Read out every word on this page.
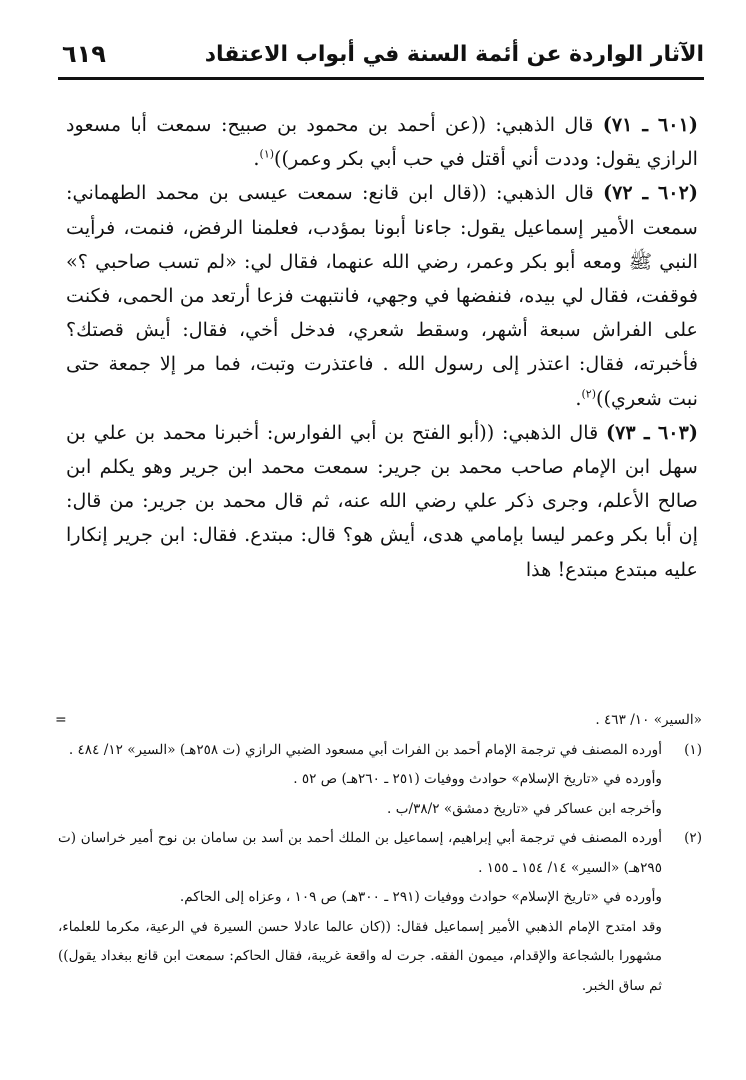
الآثار الواردة عن أئمة السنة في أبواب الاعتقاد
٦١٩

(٦٠١ ـ ٧١) قال الذهبي: ((عن أحمد بن محمود بن صبيح: سمعت أبا مسعود الرازي يقول: وددت أني أقتل في حب أبي بكر وعمر))$^{(١)}$.

(٦٠٢ ـ ٧٢) قال الذهبي: ((قال ابن قانع: سمعت عيسى بن محمد الطهماني: سمعت الأمير إسماعيل يقول: جاءنا أبونا بمؤدب، فعلمنا الرفض، فنمت، فرأيت النبي ﷺ ومعه أبو بكر وعمر، رضي الله عنهما، فقال لي: «لم تسب صاحبي ؟» فوقفت، فقال لي بيده، فنفضها في وجهي، فانتبهت فزعا أرتعد من الحمى، فكنت على الفراش سبعة أشهر، وسقط شعري، فدخل أخي، فقال: أيش قصتك؟ فأخبرته، فقال: اعتذر إلى رسول الله . فاعتذرت وتبت، فما مر إلا جمعة حتى نبت شعري))$^{(٢)}$.

(٦٠٣ ـ ٧٣) قال الذهبي: ((أبو الفتح بن أبي الفوارس: أخبرنا محمد بن علي بن سهل ابن الإمام صاحب محمد بن جرير: سمعت محمد ابن جرير وهو يكلم ابن صالح الأعلم، وجرى ذكر علي رضي الله عنه، ثم قال محمد بن جرير: من قال: إن أبا بكر وعمر ليسا بإمامي هدى، أيش هو؟ قال: مبتدع. فقال: ابن جرير إنكارا عليه مبتدع مبتدع! هذا

=	«السير» ١٠/ ٤٦٣ .

(١)

أورده المصنف في ترجمة الإمام أحمد بن الفرات أبي مسعود الضبي الرازي (ت ٢٥٨هـ) «السير» ١٢/ ٤٨٤ .

وأورده في «تاريخ الإسلام» حوادث ووفيات (٢٥١ ـ ٢٦٠هـ) ص ٥٢ .

وأخرجه ابن عساكر في «تاريخ دمشق» ٣٨/٢/ب .

(٢)

أورده المصنف في ترجمة أبي إبراهيم، إسماعيل بن الملك أحمد بن أسد بن سامان بن نوح أمير خراسان (ت ٢٩٥هـ) «السير» ١٤/ ١٥٤ ـ ١٥٥ .

وأورده في «تاريخ الإسلام» حوادث ووفيات (٢٩١ ـ ٣٠٠هـ) ص ١٠٩ ، وعزاه إلى الحاكم.

وقد امتدح الإمام الذهبي الأمير إسماعيل فقال: ((كان عالما عادلا حسن السيرة في الرعية، مكرما للعلماء، مشهورا بالشجاعة والإقدام، ميمون الفقه. جرت له واقعة غريبة، فقال الحاكم: سمعت ابن قانع ببغداد يقول)) ثم ساق الخبر.
